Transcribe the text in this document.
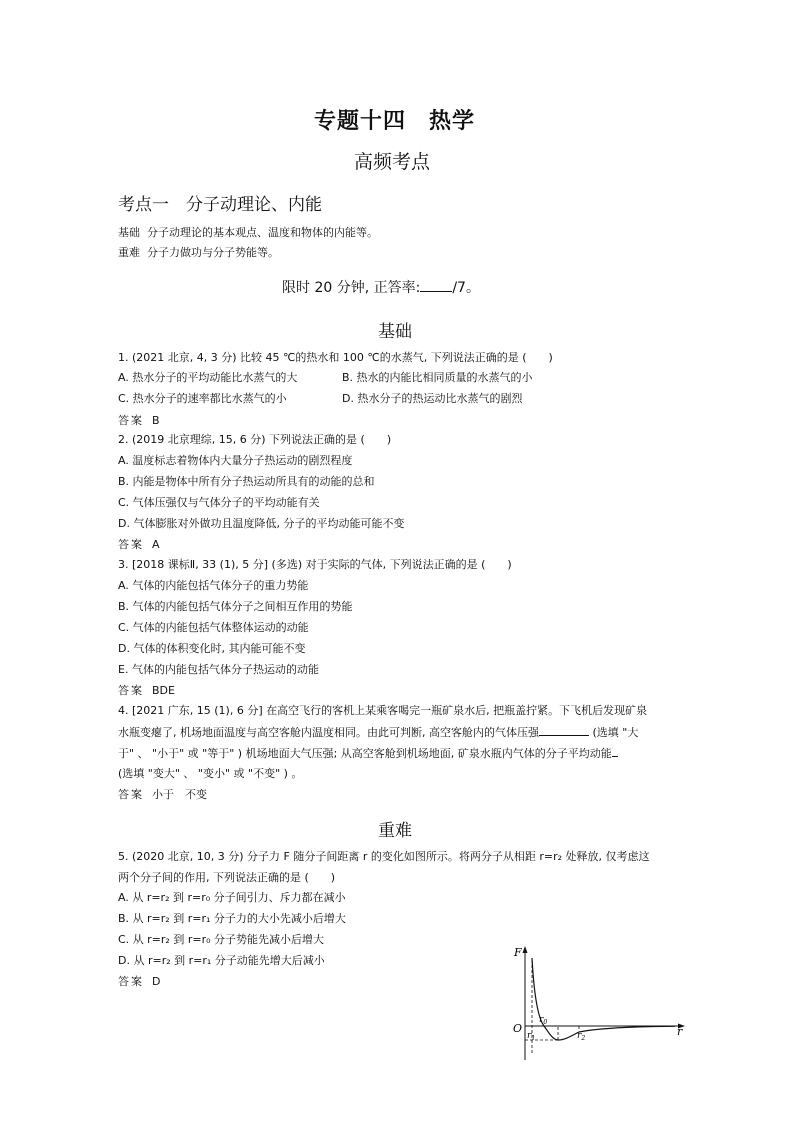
专题十四　热学
高频考点
考点一　分子动理论、内能
基础 分子动理论的基本观点、温度和物体的内能等。
重难 分子力做功与分子势能等。
限时 20 分钟, 正答率: /7。
基础
1. (2021 北京, 4, 3 分) 比较 45 ℃的热水和 100 ℃的水蒸气, 下列说法正确的是 (　　)
A. 热水分子的平均动能比水蒸气的大	B. 热水的内能比相同质量的水蒸气的小
C. 热水分子的速率都比水蒸气的小	D. 热水分子的热运动比水蒸气的剧烈
答案 B
2. (2019 北京理综, 15, 6 分) 下列说法正确的是 (　　)
A. 温度标志着物体内大量分子热运动的剧烈程度
B. 内能是物体中所有分子热运动所具有的动能的总和
C. 气体压强仅与气体分子的平均动能有关
D. 气体膨胀对外做功且温度降低, 分子的平均动能可能不变
答案 A
3. [2018 课标Ⅱ, 33 (1), 5 分] (多选) 对于实际的气体, 下列说法正确的是 (　　)
A. 气体的内能包括气体分子的重力势能
B. 气体的内能包括气体分子之间相互作用的势能
C. 气体的内能包括气体整体运动的动能
D. 气体的体积变化时, 其内能可能不变
E. 气体的内能包括气体分子热运动的动能
答案 BDE
4. [2021 广东, 15 (1), 6 分] 在高空飞行的客机上某乘客喝完一瓶矿泉水后, 把瓶盖拧紧。下飞机后发现矿泉
水瓶变瘪了, 机场地面温度与高空客舱内温度相同。由此可判断, 高空客舱内的气体压强	(选填 "大
于" 、 "小于" 或 "等于" ) 机场地面大气压强; 从高空客舱到机场地面, 矿泉水瓶内气体的分子平均动能
(选填 "变大" 、 "变小" 或 "不变" ) 。
答案 小于　不变
重难
5. (2020 北京, 10, 3 分) 分子力 F 随分子间距离 r 的变化如图所示。将两分子从相距 r=r₂ 处释放, 仅考虑这
两个分子间的作用, 下列说法正确的是 (　　)
A. 从 r=r₂ 到 r=r₀ 分子间引力、斥力都在减小
B. 从 r=r₂ 到 r=r₁ 分子力的大小先减小后增大
C. 从 r=r₂ 到 r=r₀ 分子势能先减小后增大
D. 从 r=r₂ 到 r=r₁ 分子动能先增大后减小
答案 D
F
r
O
$r_0$
$r_1$	$r_2$
